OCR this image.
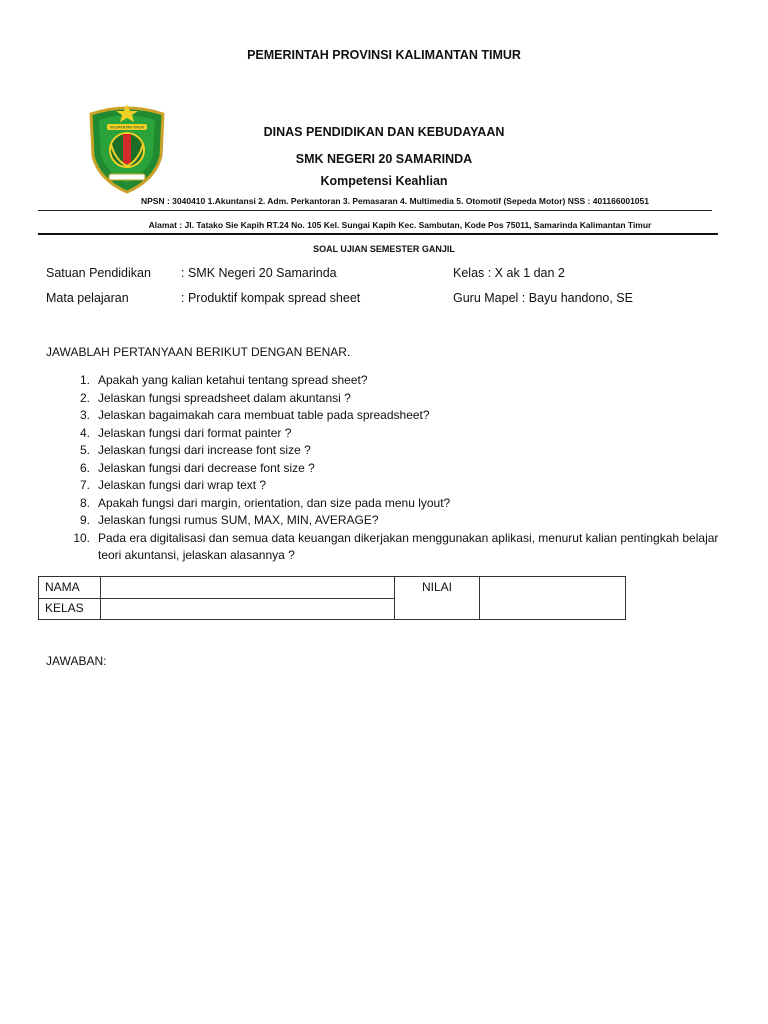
PEMERINTAH PROVINSI KALIMANTAN TIMUR
KALIMANTAN TIMUR	DINAS PENDIDIKAN DAN KEBUDAYAAN
SMK NEGERI 20 SAMARINDA
Kompetensi Keahlian
NPSN : 3040410 1.Akuntansi 2. Adm. Perkantoran 3. Pemasaran 4. Multimedia 5. Otomotif (Sepeda Motor) NSS : 401166001051
Alamat : Jl. Tatako Sie Kapih RT.24 No. 105 Kel. Sungai Kapih Kec. Sambutan, Kode Pos 75011, Samarinda Kalimantan Timur
SOAL UJIAN SEMESTER GANJIL
Satuan Pendidikan : SMK Negeri 20 Samarinda	Kelas : X ak 1 dan 2
Mata pelajaran	: Produktif kompak spread sheet	Guru Mapel : Bayu handono, SE
JAWABLAH PERTANYAAN BERIKUT DENGAN BENAR.
1. Apakah yang kalian ketahui tentang spread sheet?
2. Jelaskan fungsi spreadsheet dalam akuntansi ?
3. Jelaskan bagaimakah cara membuat table pada spreadsheet?
4. Jelaskan fungsi dari format painter ?
5. Jelaskan fungsi dari increase font size ?
6. Jelaskan fungsi dari decrease font size ?
7. Jelaskan fungsi dari wrap text ?
8. Apakah fungsi dari margin, orientation, dan size pada menu lyout?
9. Jelaskan fungsi rumus SUM, MAX, MIN, AVERAGE?
10. Pada era digitalisasi dan semua data keuangan dikerjakan menggunakan aplikasi, menurut kalian pentingkah belajar teori akuntansi, jelaskan alasannya ?
NAMA
KELAS
NILAI
JAWABAN:
